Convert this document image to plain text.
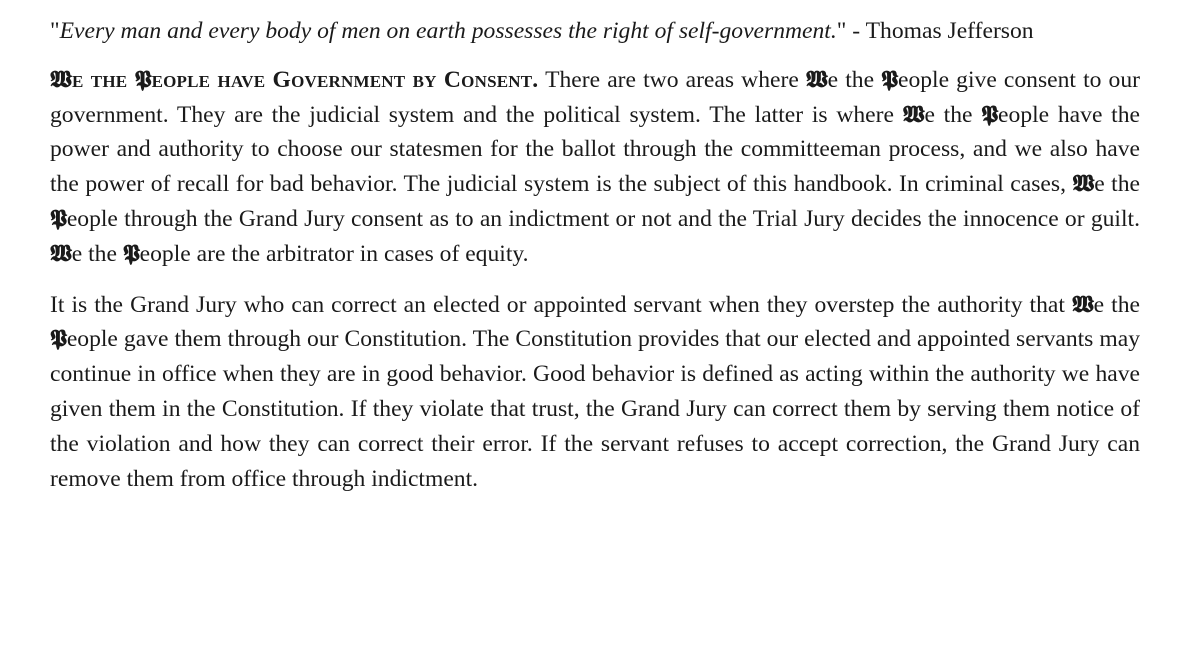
"Every man and every body of men on earth possesses the right of self-government." - Thomas Jefferson

𝖂e the 𝕻eople have Government by Consent. There are two areas where 𝖂e the 𝕻eople give consent to our government. They are the judicial system and the political system. The latter is where 𝖂e the 𝕻eople have the power and authority to choose our statesmen for the ballot through the committeeman process, and we also have the power of recall for bad behavior. The judicial system is the subject of this handbook. In criminal cases, 𝖂e the 𝕻eople through the Grand Jury consent as to an indictment or not and the Trial Jury decides the innocence or guilt. 𝖂e the 𝕻eople are the arbitrator in cases of equity.

It is the Grand Jury who can correct an elected or appointed servant when they overstep the authority that 𝖂e the 𝕻eople gave them through our Constitution. The Constitution provides that our elected and appointed servants may continue in office when they are in good behavior. Good behavior is defined as acting within the authority we have given them in the Constitution. If they violate that trust, the Grand Jury can correct them by serving them notice of the violation and how they can correct their error. If the servant refuses to accept correction, the Grand Jury can remove them from office through indictment.
